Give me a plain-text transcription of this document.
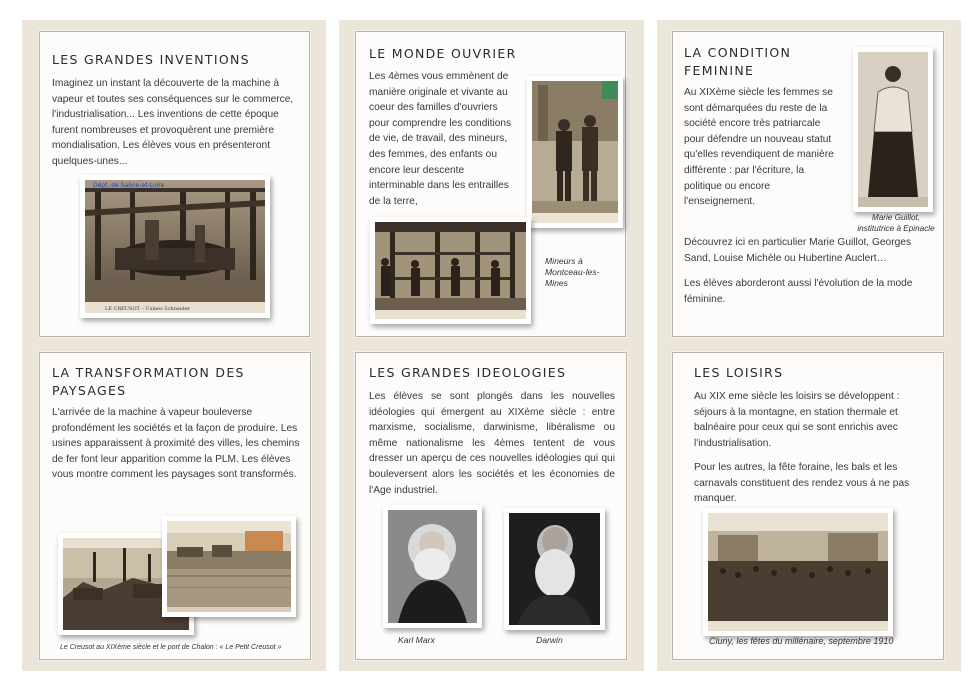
LES GRANDES INVENTIONS

Imaginez un instant la découverte de la machine à vapeur et toutes ses conséquences sur le commerce, l'industrialisation... Les inventions de cette époque furent nombreuses et provoquèrent une première mondialisation. Les élèves vous en présenteront quelques-unes...

Dépt. de Saône-et-Loire
LE CREUSOT – Usines Schneider
LE MONDE OUVRIER

Les 4èmes vous emmènent de manière originale et vivante au coeur des familles d'ouvriers pour comprendre les conditions de vie, de travail, des mineurs, des femmes, des enfants ou encore leur descente interminable dans les entrailles de la terre,

Mineurs à Montceau-les-Mines

LA CONDITION FEMININE

Au XIXème siècle les femmes se sont démarquées du reste de la société encore très patriarcale pour défendre un nouveau statut qu'elles revendiquent de manière différente : par l'écriture, la politique ou encore l'enseignement.

Marie Guillot, institutrice à Epinacle

Découvrez ici en particulier Marie Guillot, Georges Sand, Louise Michèle ou Hubertine Auclert…

Les élèves aborderont aussi l'évolution de la mode féminine.

LA TRANSFORMATION DES PAYSAGES

L'arrivée de la machine à vapeur bouleverse profondément les sociétés et la façon de produire. Les usines apparaissent à proximité des villes, les chemins de fer font leur apparition comme la PLM. Les élèves vous montre comment les paysages sont transformés.

Le Creusot au XIXème siècle et le port de Chalon : « Le Petit Creusot »

LES GRANDES IDEOLOGIES

Les élèves se sont plongés dans les nouvelles idéologies qui émergent au XIXème siècle : entre marxisme, socialisme, darwinisme, libéralisme ou même nationalisme les 4èmes tentent de vous dresser un aperçu de ces nouvelles idéologies qui qui bouleversent alors les sociétés et les économies de l'Age industriel.

Karl Marx	Darwin

LES LOISIRS

Au XIX eme siècle les loisirs se développent : séjours à la montagne, en station thermale et balnéaire pour ceux qui se sont enrichis avec l'industrialisation.

Pour les autres, la fête foraine, les bals et les carnavals constituent des rendez vous à ne pas manquer.

Cluny, les fêtes du millénaire, septembre 1910
